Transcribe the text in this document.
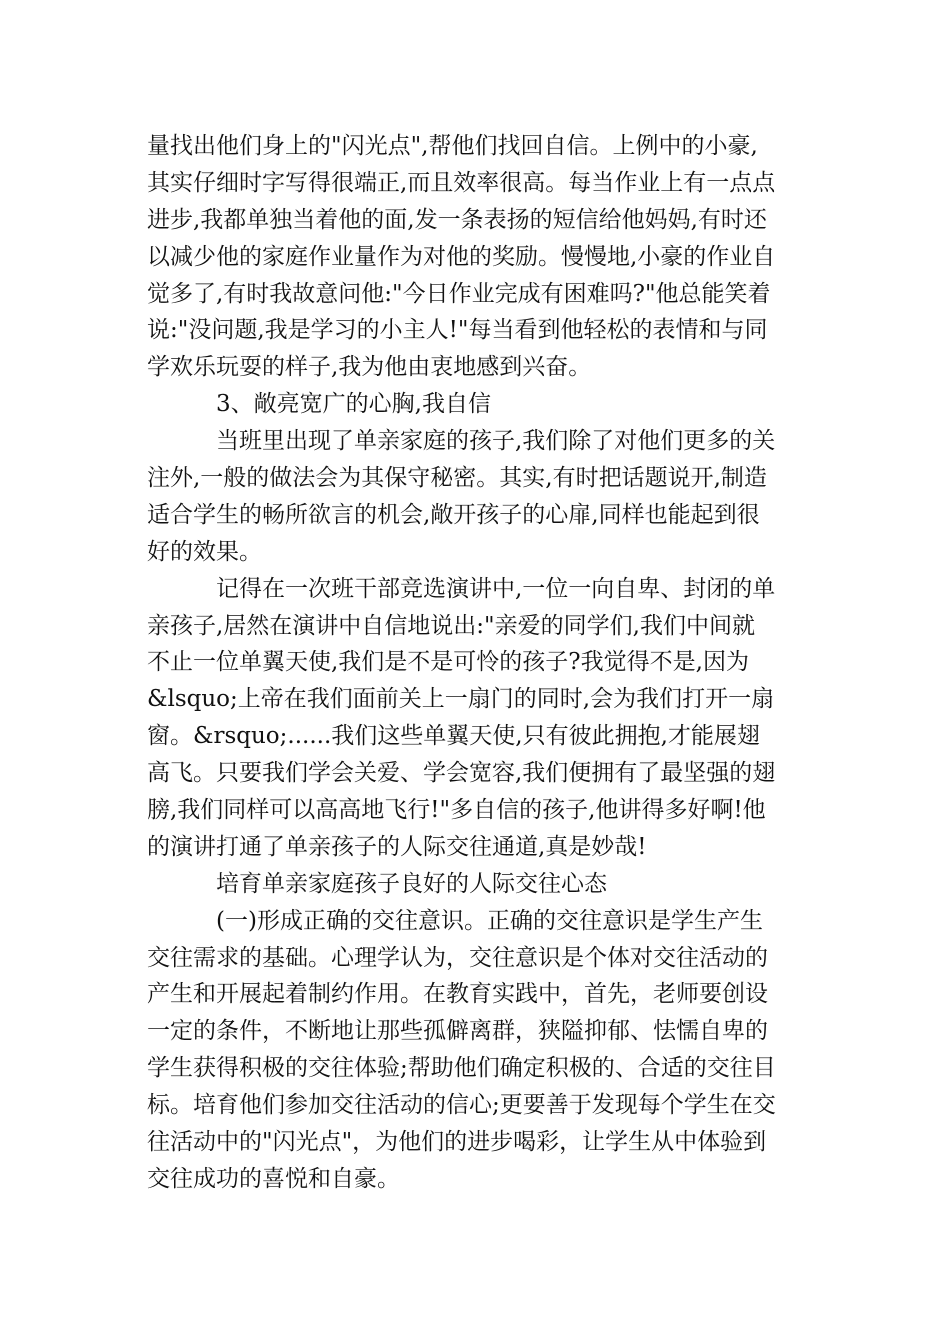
量找出他们身上的"闪光点",帮他们找回自信。上例中的小豪,
其实仔细时字写得很端正,而且效率很高。每当作业上有一点点
进步,我都单独当着他的面,发一条表扬的短信给他妈妈,有时还
以减少他的家庭作业量作为对他的奖励。慢慢地,小豪的作业自
觉多了,有时我故意问他:"今日作业完成有困难吗?"他总能笑着
说:"没问题,我是学习的小主人!"每当看到他轻松的表情和与同
学欢乐玩耍的样子,我为他由衷地感到兴奋。
3、敞亮宽广的心胸,我自信
当班里出现了单亲家庭的孩子,我们除了对他们更多的关
注外,一般的做法会为其保守秘密。其实,有时把话题说开,制造
适合学生的畅所欲言的机会,敞开孩子的心扉,同样也能起到很
好的效果。
记得在一次班干部竞选演讲中,一位一向自卑、封闭的单
亲孩子,居然在演讲中自信地说出:"亲爱的同学们,我们中间就
不止一位单翼天使,我们是不是可怜的孩子?我觉得不是,因为
&lsquo;上帝在我们面前关上一扇门的同时,会为我们打开一扇
窗。&rsquo;......我们这些单翼天使,只有彼此拥抱,才能展翅
高飞。只要我们学会关爱、学会宽容,我们便拥有了最坚强的翅
膀,我们同样可以高高地飞行!"多自信的孩子,他讲得多好啊!他
的演讲打通了单亲孩子的人际交往通道,真是妙哉!
培育单亲家庭孩子良好的人际交往心态
(一)形成正确的交往意识。正确的交往意识是学生产生
交往需求的基础。心理学认为，交往意识是个体对交往活动的
产生和开展起着制约作用。在教育实践中，首先，老师要创设
一定的条件，不断地让那些孤僻离群，狭隘抑郁、怯懦自卑的
学生获得积极的交往体验;帮助他们确定积极的、合适的交往目
标。培育他们参加交往活动的信心;更要善于发现每个学生在交
往活动中的"闪光点"，为他们的进步喝彩，让学生从中体验到
交往成功的喜悦和自豪。
